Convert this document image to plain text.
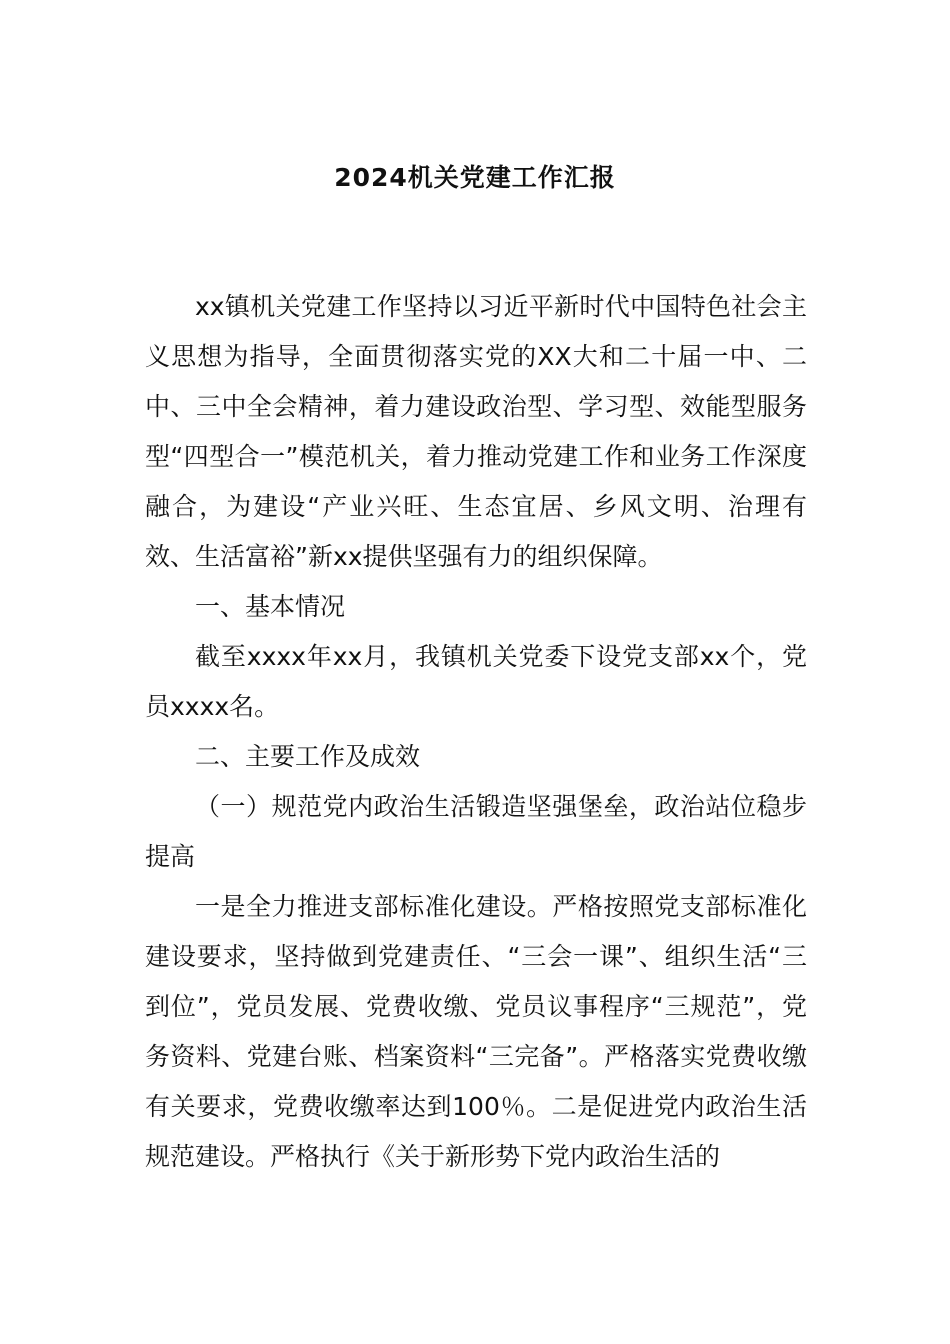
2024机关党建工作汇报

xx镇机关党建工作坚持以习近平新时代中国特色社会主义思想为指导，全面贯彻落实党的XX大和二十届一中、二中、三中全会精神，着力建设政治型、学习型、效能型服务型“四型合一”模范机关，着力推动党建工作和业务工作深度融合，为建设“产业兴旺、生态宜居、乡风文明、治理有效、生活富裕”新xx提供坚强有力的组织保障。

一、基本情况

截至xxxx年xx月，我镇机关党委下设党支部xx个，党员xxxx名。

二、主要工作及成效

（一）规范党内政治生活锻造坚强堡垒，政治站位稳步提高

一是全力推进支部标准化建设。严格按照党支部标准化建设要求，坚持做到党建责任、“三会一课”、组织生活“三到位”，党员发展、党费收缴、党员议事程序“三规范”，党务资料、党建台账、档案资料“三完备”。严格落实党费收缴有关要求，党费收缴率达到100％。二是促进党内政治生活规范建设。严格执行《关于新形势下党内政治生活的
